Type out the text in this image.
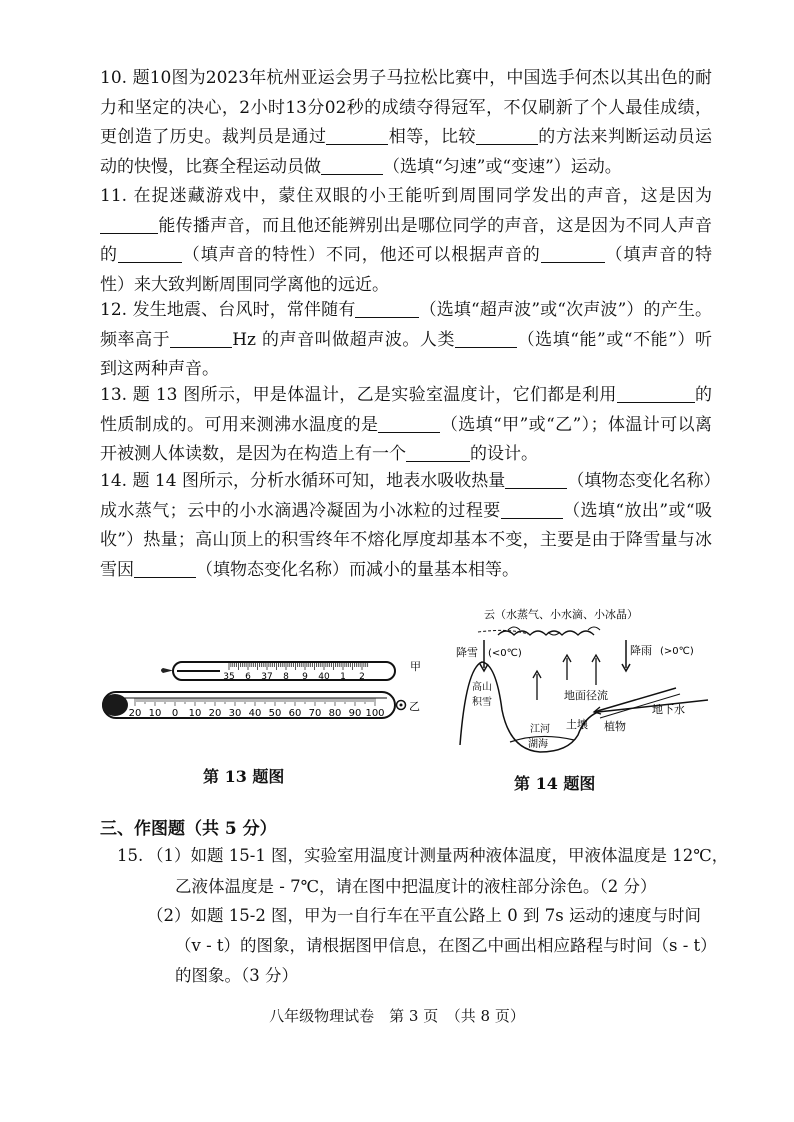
10. 题10图为2023年杭州亚运会男子马拉松比赛中，中国选手何杰以其出色的耐力和坚定的决心，2小时13分02秒的成绩夺得冠军，不仅刷新了个人最佳成绩，更创造了历史。裁判员是通过	相等，比较	的方法来判断运动员运动的快慢，比赛全程运动员做	（选填“匀速”或“变速”）运动。
11. 在捉迷藏游戏中，蒙住双眼的小王能听到周围同学发出的声音，这是因为能传播声音，而且他还能辨别出是哪位同学的声音，这是因为不同人声音的	（填声音的特性）不同，他还可以根据声音的	（填声音的特性）来大致判断周围同学离他的远近。
12. 发生地震、台风时，常伴随有	（选填“超声波”或“次声波”）的产生。频率高于	Hz 的声音叫做超声波。人类	（选填“能”或“不能”）听到这两种声音。
13. 题 13 图所示，甲是体温计，乙是实验室温度计，它们都是利用	的性质制成的。可用来测沸水温度的是	（选填“甲”或“乙”）；体温计可以离开被测人体读数，是因为在构造上有一个	的设计。
14. 题 14 图所示，分析水循环可知，地表水吸收热量	（填物态变化名称）成水蒸气；云中的小水滴遇冷凝固为小冰粒的过程要	（选填“放出”或“吸收”）热量；高山顶上的积雪终年不熔化厚度却基本不变，主要是由于降雪量与冰雪因	（填物态变化名称）而减小的量基本相等。
35 6 37 8 9 40 1 2
甲
20 10 0 10 20 30 40 50 60 70 80 90 100
乙
第 13 题图
云（水蒸气、小水滴、小冰晶）
降雪 (<0℃)	降雨 (>0℃)
高山
积雪
江河
湖海
地面径流
土壤 植物
地下水
第 14 题图
三、作图题（共 5 分）
15. （1）如题 15-1 图，实验室用温度计测量两种液体温度，甲液体温度是 12℃，
乙液体温度是 - 7℃，请在图中把温度计的液柱部分涂色。（2 分）
（2）如题 15-2 图，甲为一自行车在平直公路上 0 到 7s 运动的速度与时间
（v - t）的图象，请根据图甲信息，在图乙中画出相应路程与时间（s - t）
的图象。（3 分）
八年级物理试卷　第 3 页　（共 8 页）
